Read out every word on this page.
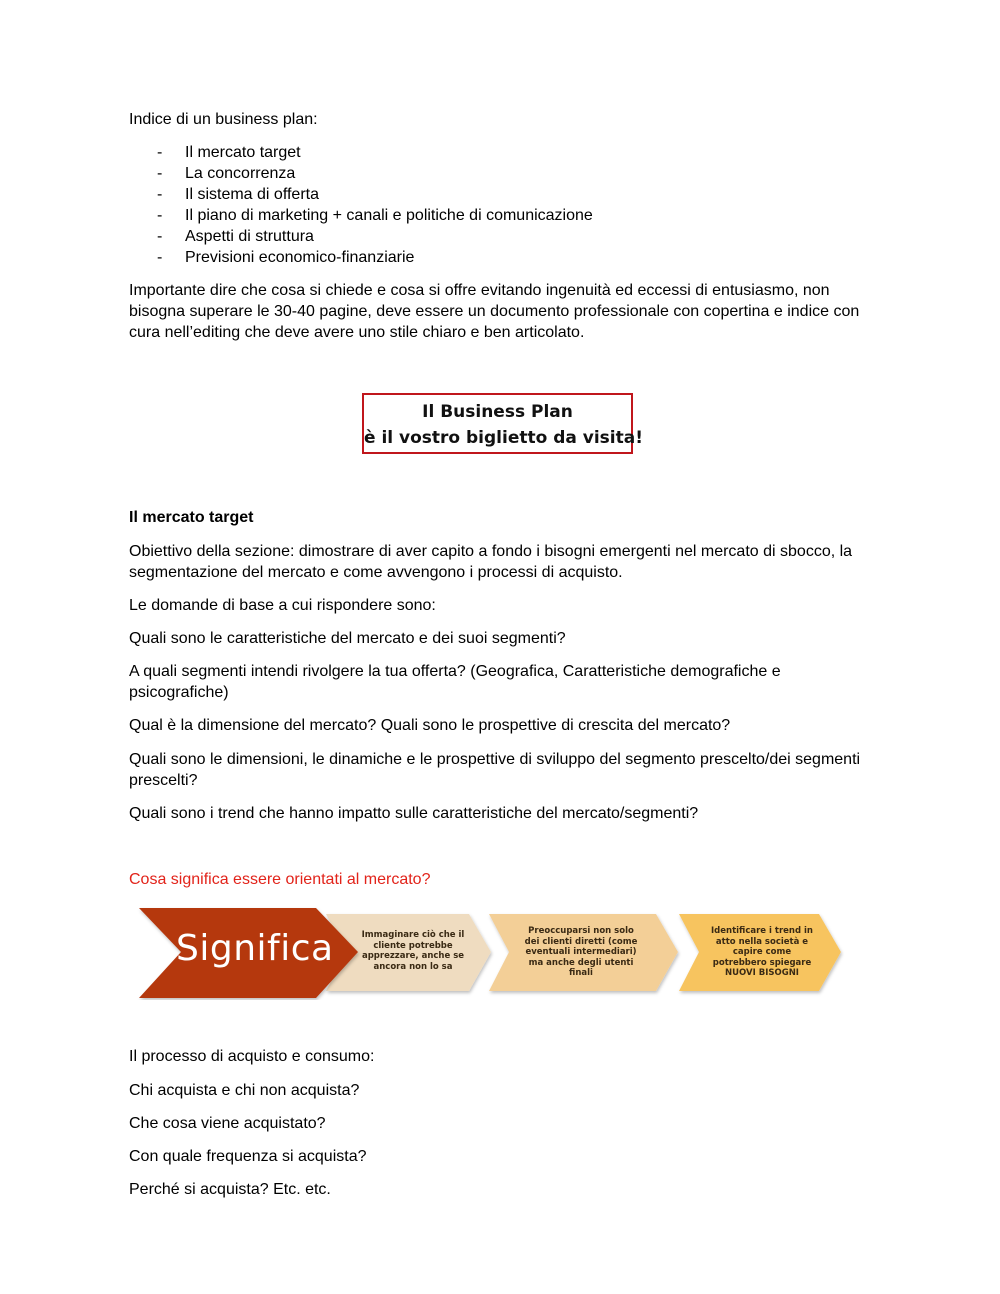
Indice di un business plan:

- Il mercato target
- La concorrenza
- Il sistema di offerta
- Il piano di marketing + canali e politiche di comunicazione
- Aspetti di struttura
- Previsioni economico-finanziarie

Importante dire che cosa si chiede e cosa si offre evitando ingenuità ed eccessi di entusiasmo, non bisogna superare le 30-40 pagine, deve essere un documento professionale con copertina e indice con cura nell’editing che deve avere uno stile chiaro e ben articolato.

Il Business Plan
è il vostro biglietto da visita!

Il mercato target

Obiettivo della sezione: dimostrare di aver capito a fondo i bisogni emergenti nel mercato di sbocco, la segmentazione del mercato e come avvengono i processi di acquisto.

Le domande di base a cui rispondere sono:

Quali sono le caratteristiche del mercato e dei suoi segmenti?

A quali segmenti intendi rivolgere la tua offerta? (Geografica, Caratteristiche demografiche e psicografiche)

Qual è la dimensione del mercato? Quali sono le prospettive di crescita del mercato?

Quali sono le dimensioni, le dinamiche e le prospettive di sviluppo del segmento prescelto/dei segmenti prescelti?

Quali sono i trend che hanno impatto sulle caratteristiche del mercato/segmenti?

Cosa significa essere orientati al mercato?

Significa	Immaginare ciò che il
cliente potrebbe
apprezzare, anche se
ancora non lo sa
Preoccuparsi non solo
dei clienti diretti (come
eventuali intermediari)
ma anche degli utenti
finali
Identificare i trend in
atto nella società e
capire come
potrebbero spiegare
NUOVI BISOGNI

Il processo di acquisto e consumo:

Chi acquista e chi non acquista?

Che cosa viene acquistato?

Con quale frequenza si acquista?

Perché si acquista? Etc. etc.
